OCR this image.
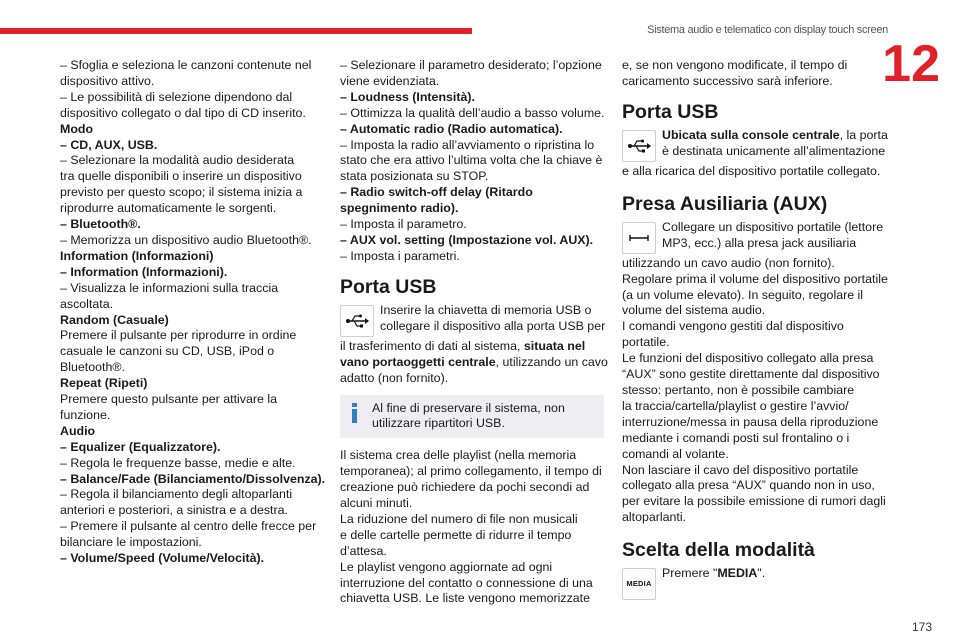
Sistema audio e telematico con display touch screen
12
– Sfoglia e seleziona le canzoni contenute nel
dispositivo attivo.
– Le possibilità di selezione dipendono dal
dispositivo collegato o dal tipo di CD inserito.
Modo
– CD, AUX, USB.
– Selezionare la modalità audio desiderata
tra quelle disponibili o inserire un dispositivo
previsto per questo scopo; il sistema inizia a
riprodurre automaticamente le sorgenti.
– Bluetooth®.
– Memorizza un dispositivo audio Bluetooth®.
Information (Informazioni)
– Information (Informazioni).
– Visualizza le informazioni sulla traccia
ascoltata.
Random (Casuale)
Premere il pulsante per riprodurre in ordine
casuale le canzoni su CD, USB, iPod o
Bluetooth®.
Repeat (Ripeti)
Premere questo pulsante per attivare la
funzione.
Audio
– Equalizer (Equalizzatore).
– Regola le frequenze basse, medie e alte.
– Balance/Fade (Bilanciamento/Dissolvenza).
– Regola il bilanciamento degli altoparlanti
anteriori e posteriori, a sinistra e a destra.
– Premere il pulsante al centro delle frecce per
bilanciare le impostazioni.
– Volume/Speed (Volume/Velocità).
– Selezionare il parametro desiderato; l’opzione
viene evidenziata.
– Loudness (Intensità).
– Ottimizza la qualità dell’audio a basso volume.
– Automatic radio (Radio automatica).
– Imposta la radio all’avviamento o ripristina lo
stato che era attivo l’ultima volta che la chiave è
stata posizionata su STOP.
– Radio switch-off delay (Ritardo
spegnimento radio).
– Imposta il parametro.
– AUX vol. setting (Impostazione vol. AUX).
– Imposta i parametri.
Porta USB
Inserire la chiavetta di memoria USB o
collegare il dispositivo alla porta USB per
il trasferimento di dati al sistema, situata nel
vano portaoggetti centrale, utilizzando un cavo
adatto (non fornito).
Al fine di preservare il sistema, non
utilizzare ripartitori USB.
Il sistema crea delle playlist (nella memoria
temporanea); al primo collegamento, il tempo di
creazione può richiedere da pochi secondi ad
alcuni minuti.
La riduzione del numero di file non musicali
e delle cartelle permette di ridurre il tempo
d’attesa.
Le playlist vengono aggiornate ad ogni
interruzione del contatto o connessione di una
chiavetta USB. Le liste vengono memorizzate
e, se non vengono modificate, il tempo di
caricamento successivo sarà inferiore.
Porta USB
Ubicata sulla console centrale, la porta
è destinata unicamente all’alimentazione
e alla ricarica del dispositivo portatile collegato.
Presa Ausiliaria (AUX)
Collegare un dispositivo portatile (lettore
MP3, ecc.) alla presa jack ausiliaria
utilizzando un cavo audio (non fornito).
Regolare prima il volume del dispositivo portatile
(a un volume elevato). In seguito, regolare il
volume del sistema audio.
I comandi vengono gestiti dal dispositivo
portatile.
Le funzioni del dispositivo collegato alla presa
“AUX” sono gestite direttamente dal dispositivo
stesso: pertanto, non è possibile cambiare
la traccia/cartella/playlist o gestire l’avvio/
interruzione/messa in pausa della riproduzione
mediante i comandi posti sul frontalino o i
comandi al volante.
Non lasciare il cavo del dispositivo portatile
collegato alla presa “AUX” quando non in uso,
per evitare la possibile emissione di rumori dagli
altoparlanti.
Scelta della modalità
MEDIA
Premere "MEDIA".
173
